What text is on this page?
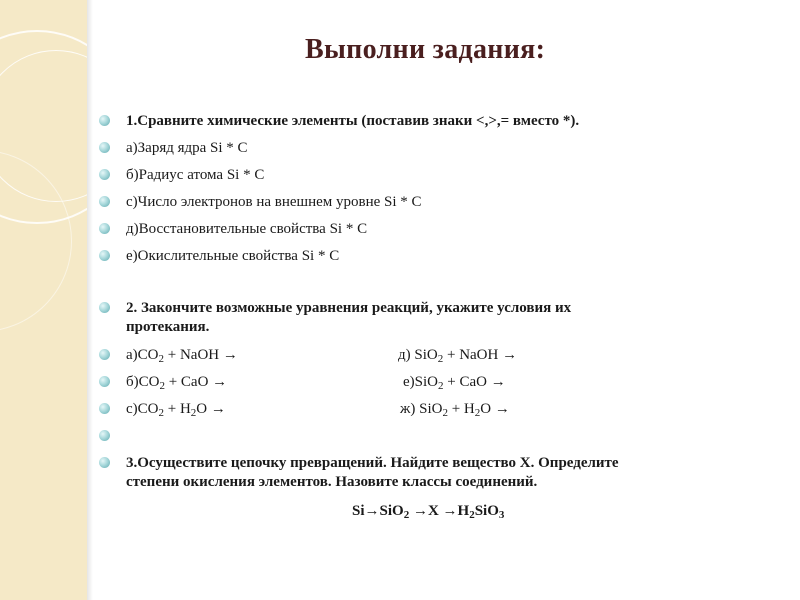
Выполни задания:
1.Сравните химические элементы (поставив знаки <,>,= вместо *).
а)Заряд ядра Si * C
б)Радиус атома Si * C
с)Число электронов на внешнем уровне Si * C
д)Восстановительные свойства Si * C
е)Окислительные свойства Si * C
2. Закончите возможные уравнения реакций, укажите условия их
протекания.
$а)CO_2$ + NaOH →	д) SiO$_2$ + NaOH →
$б)CO_2$ + CaO →	е)SiO$_2$ + CaO →
$с)CO_2 + H_2O$ →	ж) $SiO_2 + H_2O$ →
3.Осуществите цепочку превращений. Найдите вещество X. Определите
степени окисления элементов. Назовите классы соединений.
$Si\to SiO_2 \to X \to H_2SiO_3$
